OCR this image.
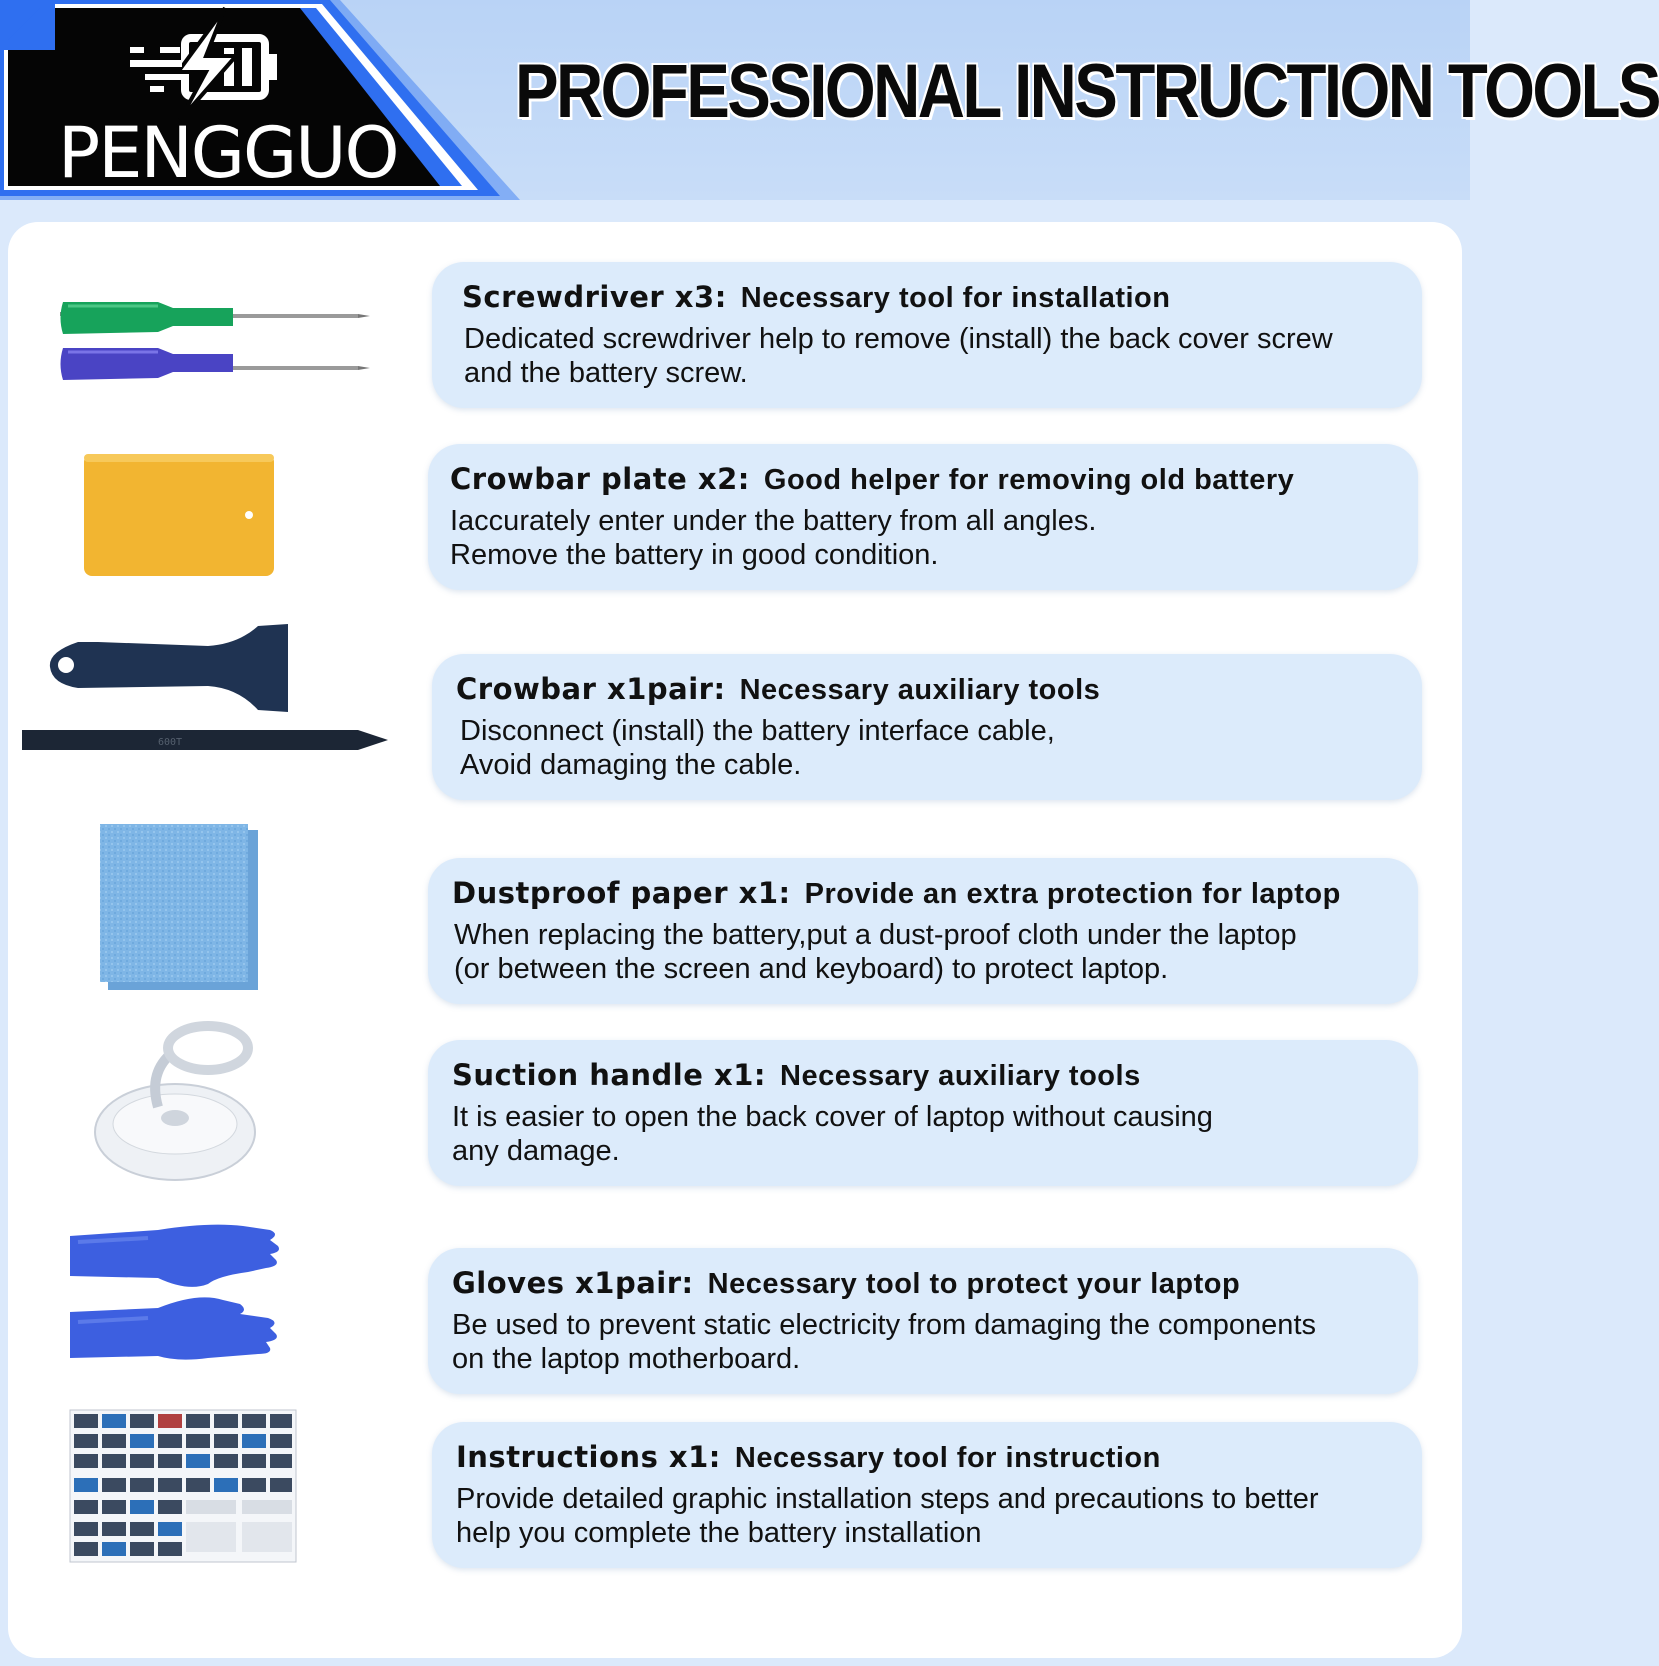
PENGGUO
PROFESSIONAL INSTRUCTION TOOLS
Screwdriver x3: Necessary tool for installation
Dedicated screwdriver help to remove (install) the back cover screw
and the battery screw.
Crowbar plate x2: Good helper for removing old battery
Iaccurately enter under the battery from all angles.
Remove the battery in good condition.
600T
Crowbar x1pair: Necessary auxiliary tools
Disconnect (install) the battery interface cable,
Avoid damaging the cable.
Dustproof paper x1: Provide an extra protection for laptop
When replacing the battery,put a dust-proof cloth under the laptop
(or between the screen and keyboard) to protect laptop.
Suction handle x1: Necessary auxiliary tools
It is easier to open the back cover of laptop without causing
any damage.
Gloves x1pair: Necessary tool to protect your laptop
Be used to prevent static electricity from damaging the components
on the laptop motherboard.
Instructions x1: Necessary tool for instruction
Provide detailed graphic installation steps and precautions to better
help you complete the battery installation
